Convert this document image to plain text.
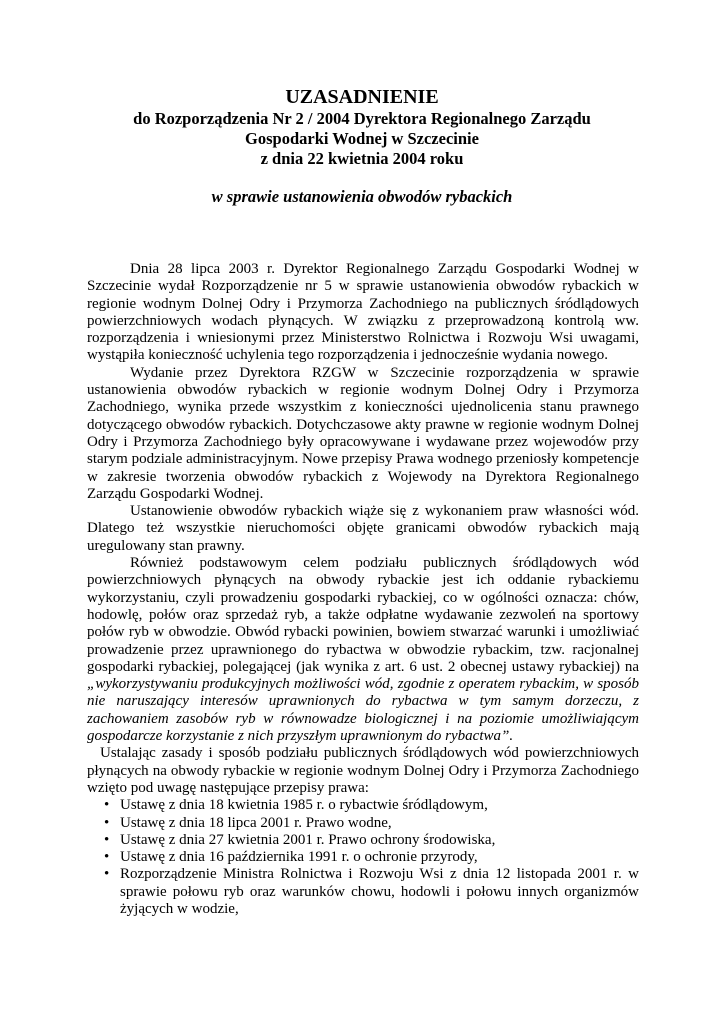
UZASADNIENIE
do Rozporządzenia Nr 2 / 2004 Dyrektora Regionalnego Zarządu
Gospodarki Wodnej w Szczecinie
z dnia 22 kwietnia 2004 roku
w sprawie ustanowienia obwodów rybackich

Dnia 28 lipca 2003 r. Dyrektor Regionalnego Zarządu Gospodarki Wodnej w Szczecinie wydał Rozporządzenie nr 5 w sprawie ustanowienia obwodów rybackich w regionie wodnym Dolnej Odry i Przymorza Zachodniego na publicznych śródlądowych powierzchniowych wodach płynących. W związku z przeprowadzoną kontrolą ww. rozporządzenia i wniesionymi przez Ministerstwo Rolnictwa i Rozwoju Wsi uwagami, wystąpiła konieczność uchylenia tego rozporządzenia i jednocześnie wydania nowego.

Wydanie przez Dyrektora RZGW w Szczecinie rozporządzenia w sprawie ustanowienia obwodów rybackich w regionie wodnym Dolnej Odry i Przymorza Zachodniego, wynika przede wszystkim z konieczności ujednolicenia stanu prawnego dotyczącego obwodów rybackich. Dotychczasowe akty prawne w regionie wodnym Dolnej Odry i Przymorza Zachodniego były opracowywane i wydawane przez wojewodów przy starym podziale administracyjnym. Nowe przepisy Prawa wodnego przeniosły kompetencje w zakresie tworzenia obwodów rybackich z Wojewody na Dyrektora Regionalnego Zarządu Gospodarki Wodnej.

Ustanowienie obwodów rybackich wiąże się z wykonaniem praw własności wód. Dlatego też wszystkie nieruchomości objęte granicami obwodów rybackich mają uregulowany stan prawny.

Również podstawowym celem podziału publicznych śródlądowych wód powierzchniowych płynących na obwody rybackie jest ich oddanie rybackiemu wykorzystaniu, czyli prowadzeniu gospodarki rybackiej, co w ogólności oznacza: chów, hodowlę, połów oraz sprzedaż ryb, a także odpłatne wydawanie zezwoleń na sportowy połów ryb w obwodzie. Obwód rybacki powinien, bowiem stwarzać warunki i umożliwiać prowadzenie przez uprawnionego do rybactwa w obwodzie rybackim, tzw. racjonalnej gospodarki rybackiej, polegającej (jak wynika z art. 6 ust. 2 obecnej ustawy rybackiej) na „wykorzystywaniu produkcyjnych możliwości wód, zgodnie z operatem rybackim, w sposób nie naruszający interesów uprawnionych do rybactwa w tym samym dorzeczu, z zachowaniem zasobów ryb w równowadze biologicznej i na poziomie umożliwiającym gospodarcze korzystanie z nich przyszłym uprawnionym do rybactwa”.

Ustalając zasady i sposób podziału publicznych śródlądowych wód powierzchniowych płynących na obwody rybackie w regionie wodnym Dolnej Odry i Przymorza Zachodniego wzięto pod uwagę następujące przepisy prawa:

• Ustawę z dnia 18 kwietnia 1985 r. o rybactwie śródlądowym,
• Ustawę z dnia 18 lipca 2001 r. Prawo wodne,
• Ustawę z dnia 27 kwietnia 2001 r. Prawo ochrony środowiska,
• Ustawę z dnia 16 października 1991 r. o ochronie przyrody,
• Rozporządzenie Ministra Rolnictwa i Rozwoju Wsi z dnia 12 listopada 2001 r. w sprawie połowu ryb oraz warunków chowu, hodowli i połowu innych organizmów żyjących w wodzie,
